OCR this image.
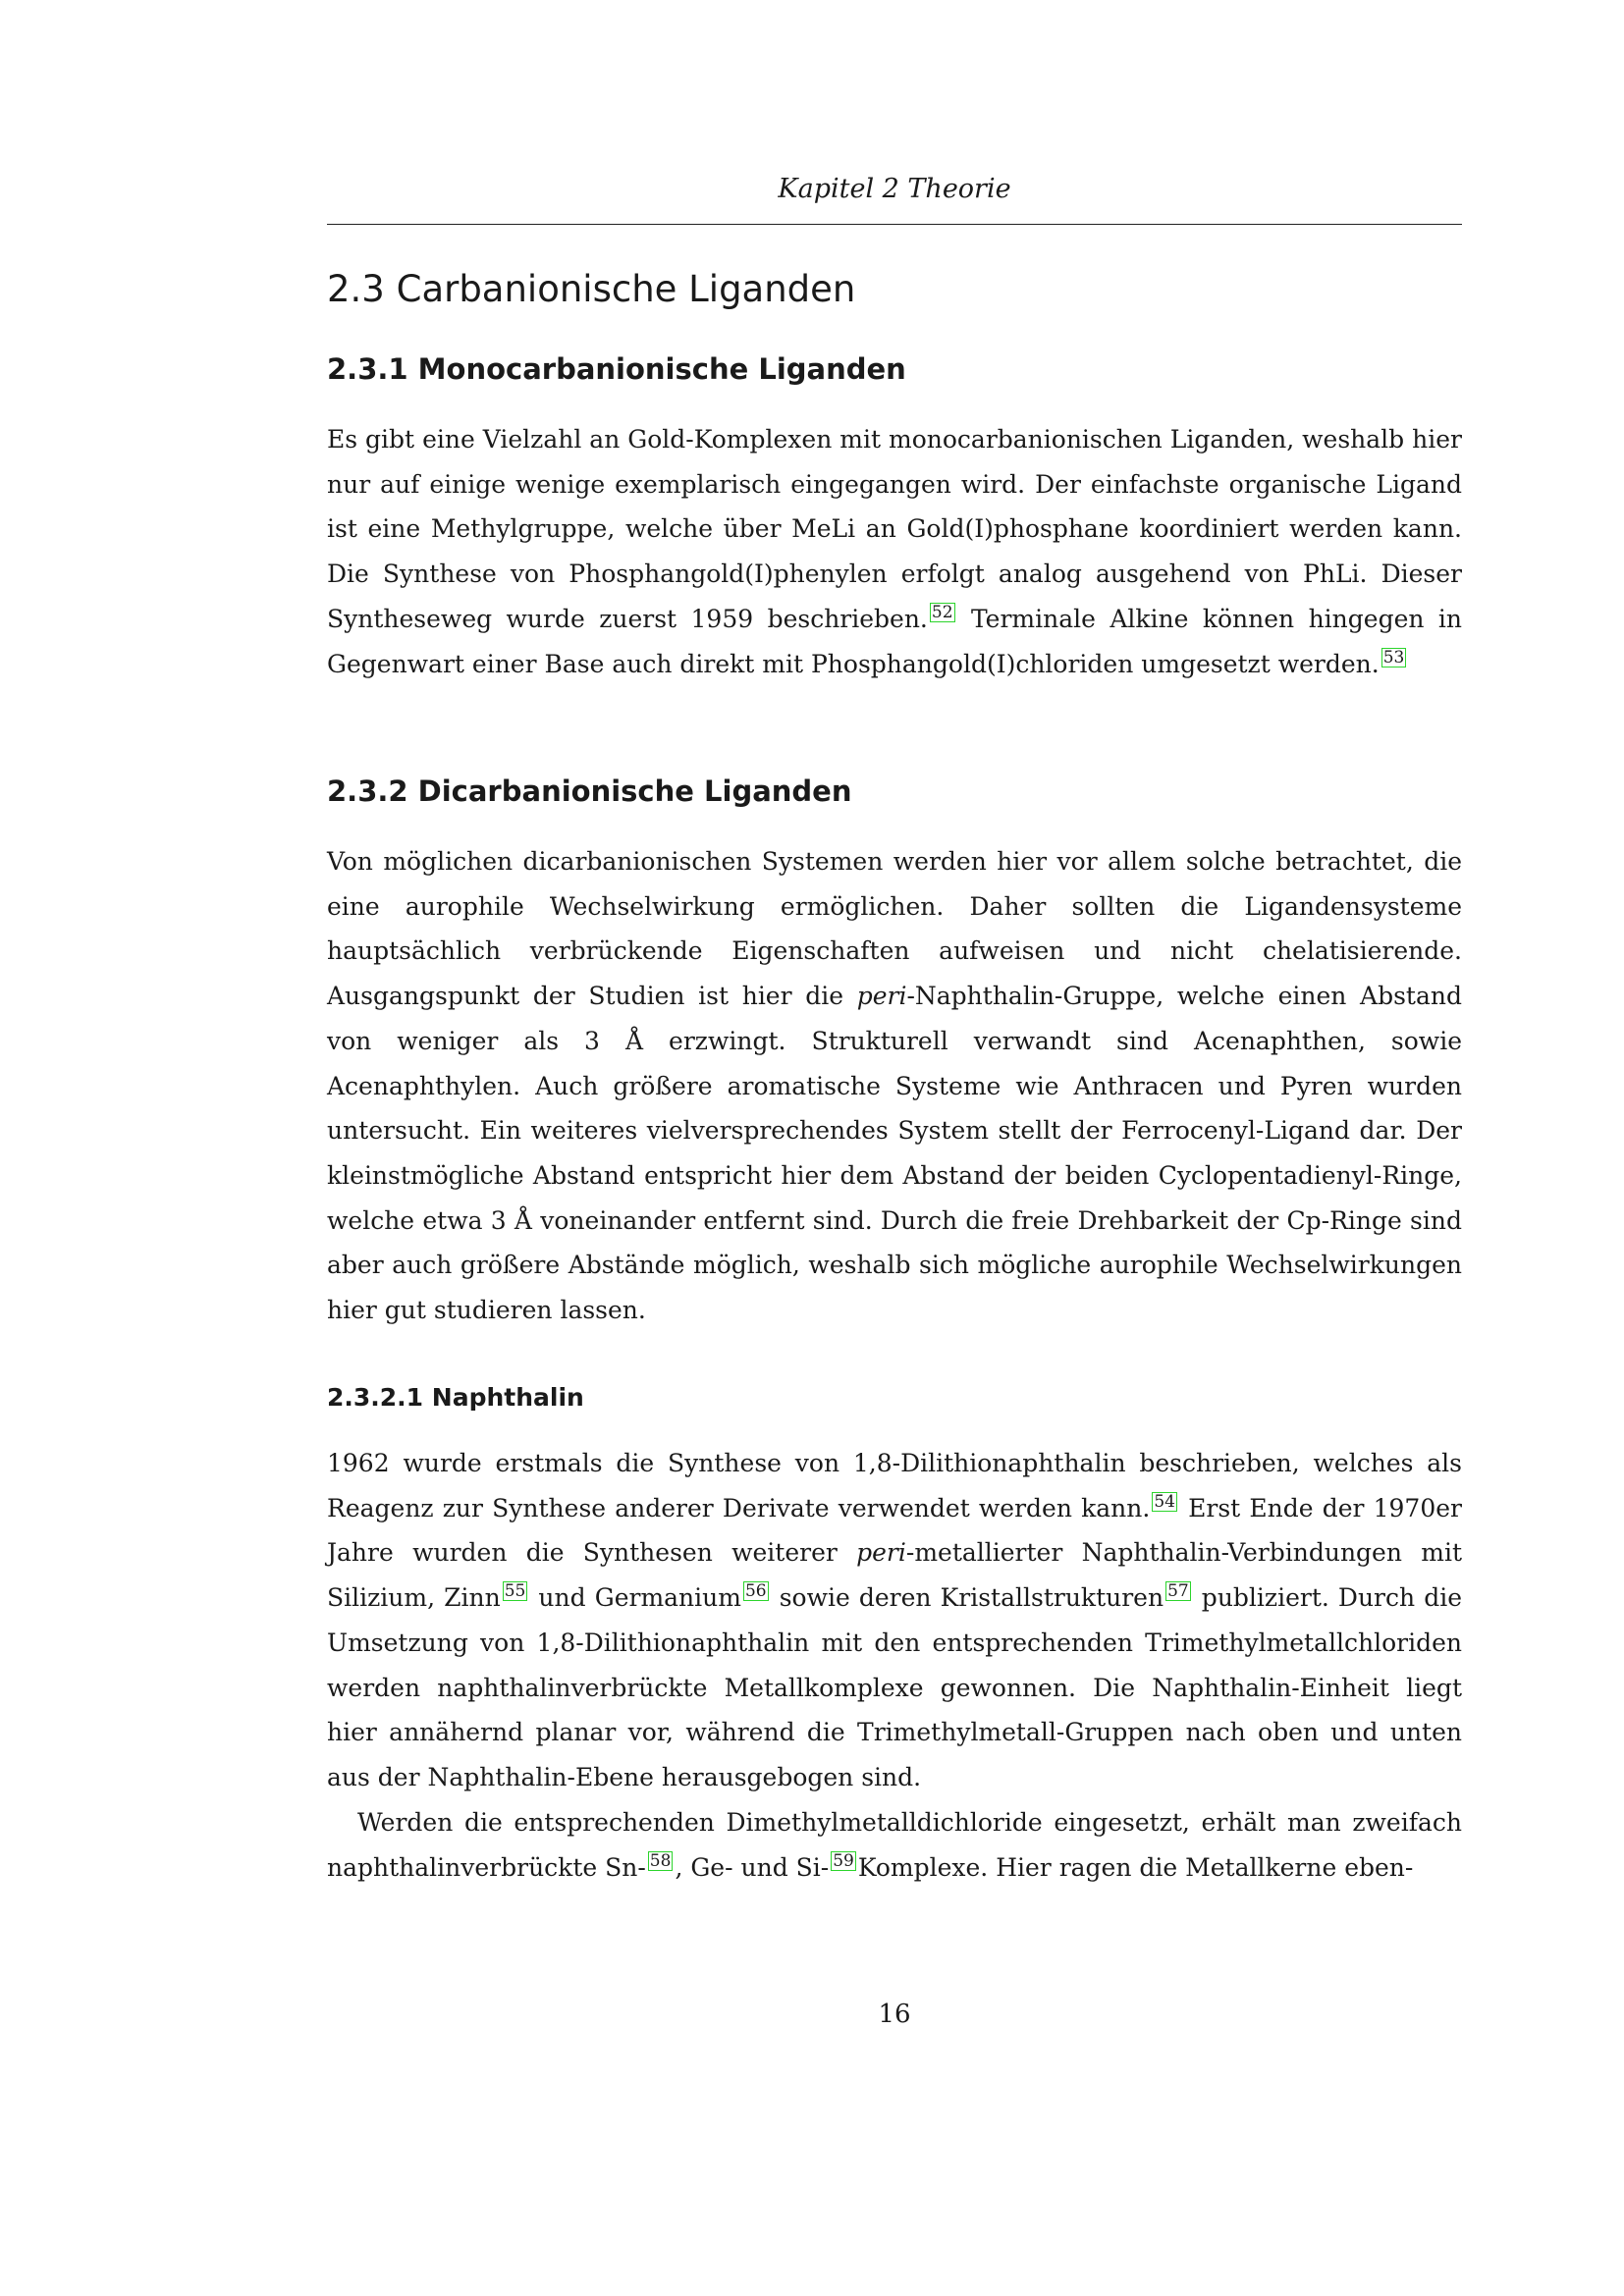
Kapitel 2 Theorie
2.3 Carbanionische Liganden
2.3.1 Monocarbanionische Liganden

Es gibt eine Vielzahl an Gold-Komplexen mit monocarbanionischen Liganden, weshalb hier nur auf einige wenige exemplarisch eingegangen wird. Der einfachste organische Ligand ist eine Methylgruppe, welche über MeLi an Gold(I)phosphane koordiniert werden kann. Die Synthese von Phosphangold(I)phenylen erfolgt analog ausgehend von PhLi. Dieser Syntheseweg wurde zuerst 1959 beschrieben. 52 Terminale Alkine können hingegen in Gegenwart einer Base auch direkt mit Phosphangold(I)chloriden umgesetzt werden. 53

2.3.2 Dicarbanionische Liganden

Von möglichen dicarbanionischen Systemen werden hier vor allem solche betrachtet, die eine aurophile Wechselwirkung ermöglichen. Daher sollten die Ligandensysteme hauptsächlich verbrückende Eigenschaften aufweisen und nicht chelatisierende. Ausgangspunkt der Studien ist hier die peri-Naphthalin-Gruppe, welche einen Abstand von weniger als 3 Å erzwingt. Strukturell verwandt sind Acenaphthen, sowie Acenaphthylen. Auch größere aromatische Systeme wie Anthracen und Pyren wurden untersucht. Ein weiteres vielversprechendes System stellt der Ferrocenyl-Ligand dar. Der kleinstmögliche Abstand entspricht hier dem Abstand der beiden Cyclopentadienyl-Ringe, welche etwa 3 Å voneinander entfernt sind. Durch die freie Drehbarkeit der Cp-Ringe sind aber auch größere Abstände möglich, weshalb sich mögliche aurophile Wechselwirkungen hier gut studieren lassen.

2.3.2.1 Naphthalin

1962 wurde erstmals die Synthese von 1,8-Dilithionaphthalin beschrieben, welches als Reagenz zur Synthese anderer Derivate verwendet werden kann. 54 Erst Ende der 1970er Jahre wurden die Synthesen weiterer peri-metallierter Naphthalin-Verbindungen mit Silizium, Zinn 55 und Germanium 56 sowie deren Kristallstrukturen 57 publiziert. Durch die Umsetzung von 1,8-Dilithionaphthalin mit den entsprechenden Trimethylmetallchloriden werden naphthalinverbrückte Metallkomplexe gewonnen. Die Naphthalin-Einheit liegt hier annähernd planar vor, während die Trimethylmetall-Gruppen nach oben und unten aus der Naphthalin-Ebene herausgebogen sind.

Werden die entsprechenden Dimethylmetalldichloride eingesetzt, erhält man zweifach naphthalinverbrückte Sn- 58 , Ge- und Si- 59 Komplexe. Hier ragen die Metallkerne eben-

16
